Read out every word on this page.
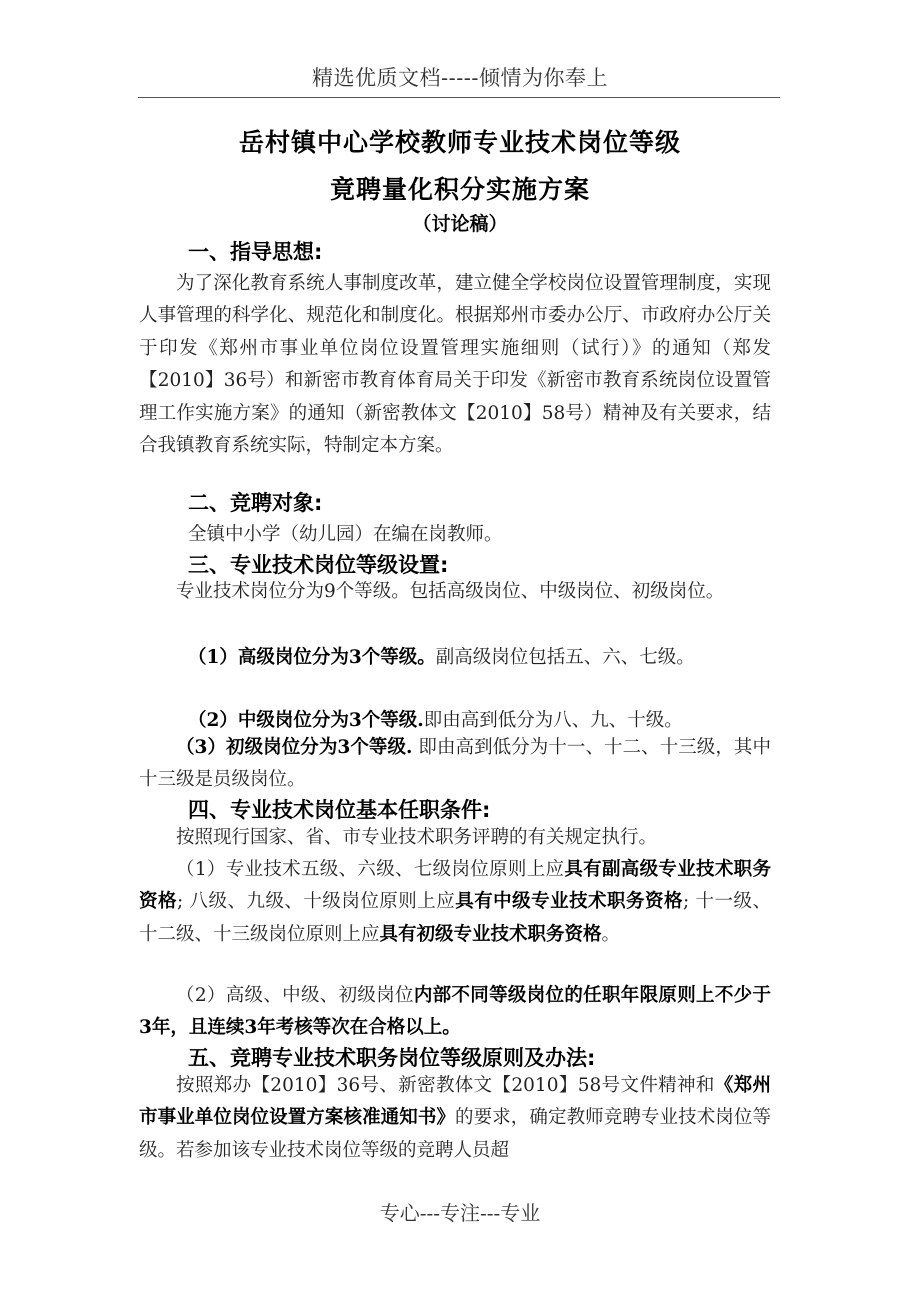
精选优质文档-----倾情为你奉上
岳村镇中心学校教师专业技术岗位等级
竟聘量化积分实施方案
（讨论稿）
一、指导思想:

为了深化教育系统人事制度改革，建立健全学校岗位设置管理制度，实现人事管理的科学化、规范化和制度化。根据郑州市委办公厅、市政府办公厅关于印发《郑州市事业单位岗位设置管理实施细则（试行）》的通知（郑发【2010】36号）和新密市教育体育局关于印发《新密市教育系统岗位设置管理工作实施方案》的通知（新密教体文【2010】58号）精神及有关要求，结合我镇教育系统实际，特制定本方案。

二、竞聘对象:
全镇中小学（幼儿园）在编在岗教师。
三、专业技术岗位等级设置:

专业技术岗位分为9个等级。包括高级岗位、中级岗位、初级岗位。

（1）高级岗位分为3个等级。副高级岗位包括五、六、七级。
（2）中级岗位分为3个等级.即由高到低分为八、九、十级。

（3）初级岗位分为3个等级. 即由高到低分为十一、十二、十三级，其中十三级是员级岗位。

四、专业技术岗位基本任职条件:

按照现行国家、省、市专业技术职务评聘的有关规定执行。

（1）专业技术五级、六级、七级岗位原则上应具有副高级专业技术职务资格; 八级、九级、十级岗位原则上应具有中级专业技术职务资格; 十一级、十二级、十三级岗位原则上应具有初级专业技术职务资格。

（2）高级、中级、初级岗位内部不同等级岗位的任职年限原则上不少于3年，且连续3年考核等次在合格以上。

五、竞聘专业技术职务岗位等级原则及办法:

按照郑办【2010】36号、新密教体文【2010】58号文件精神和《郑州市事业单位岗位设置方案核准通知书》的要求，确定教师竞聘专业技术岗位等级。若参加该专业技术岗位等级的竞聘人员超

专心---专注---专业
